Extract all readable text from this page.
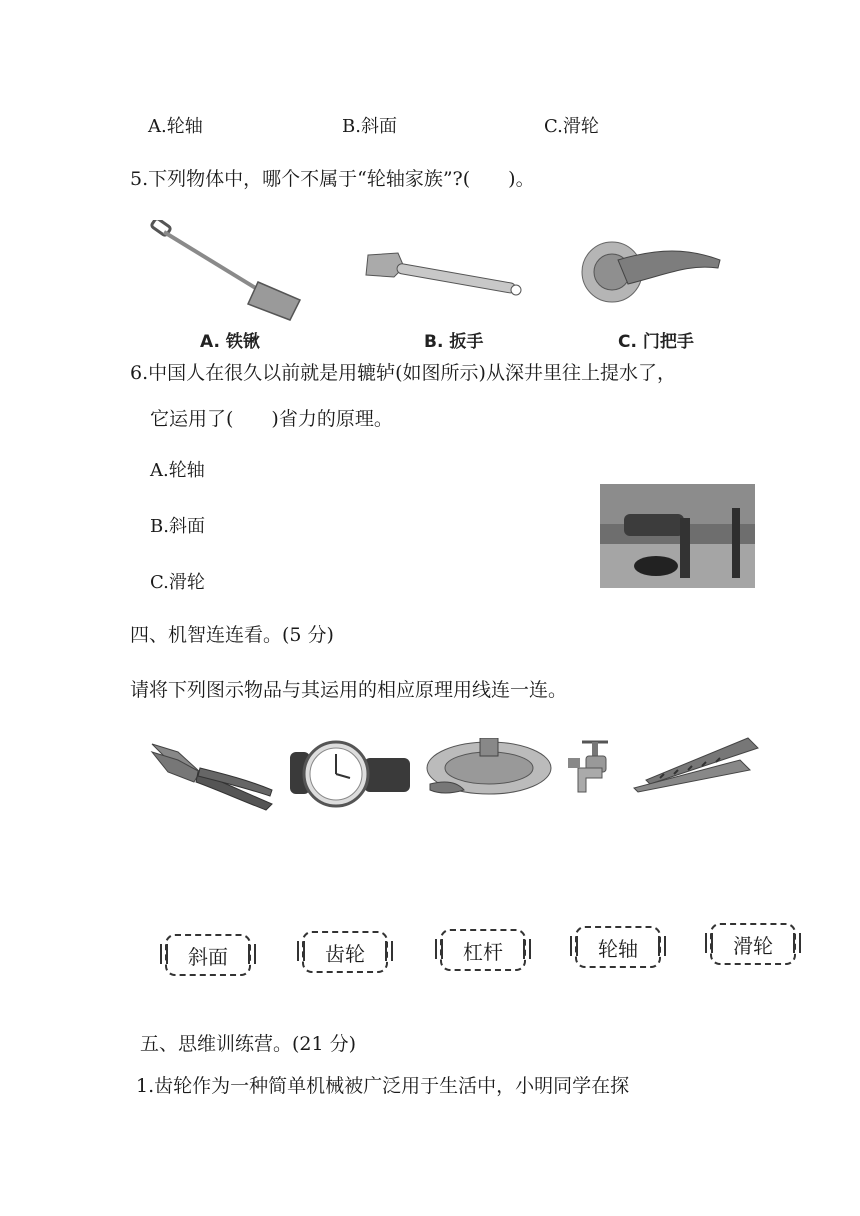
A.轮轴	B.斜面	C.滑轮
5.下列物体中，哪个不属于“轮轴家族”?(　　)。
A. 铁锹	B. 扳手	C. 门把手
6.中国人在很久以前就是用辘轳(如图所示)从深井里往上提水了，
它运用了(　　)省力的原理。
A.轮轴
B.斜面
C.滑轮
四、机智连连看。(5 分)
请将下列图示物品与其运用的相应原理用线连一连。
斜面	齿轮	杠杆	轮轴	滑轮
五、思维训练营。(21 分)
1.齿轮作为一种简单机械被广泛用于生活中，小明同学在探
